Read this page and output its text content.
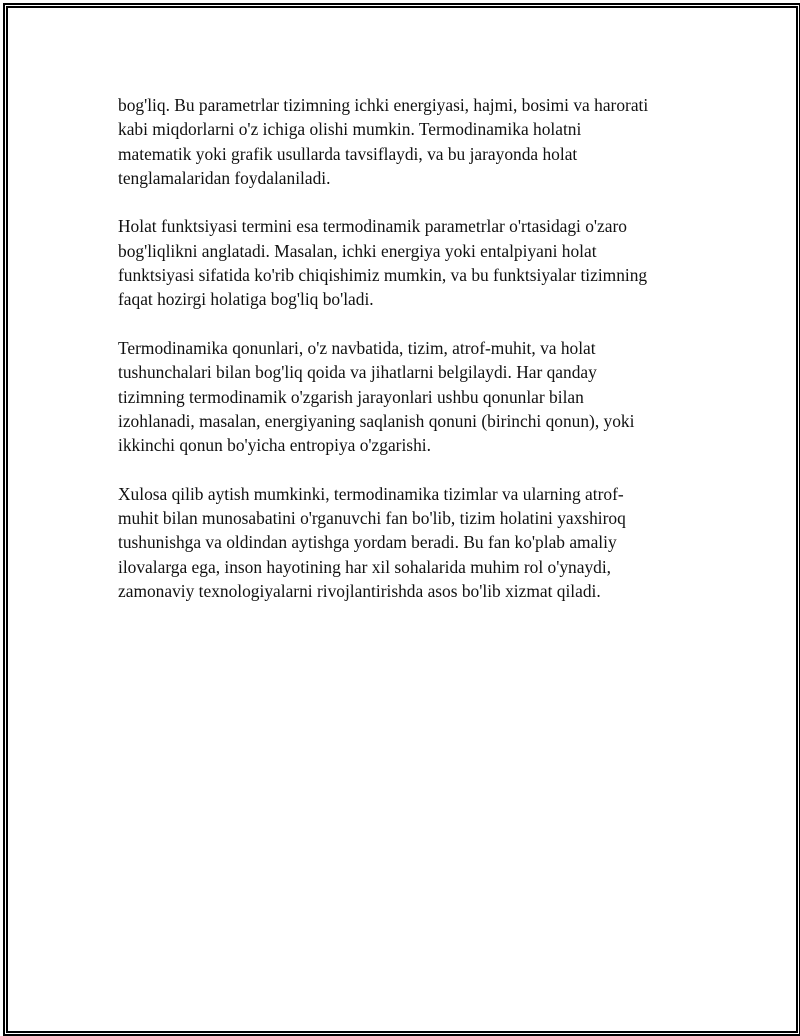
bog'liq. Bu parametrlar tizimning ichki energiyasi, hajmi, bosimi va harorati
kabi miqdorlarni o'z ichiga olishi mumkin. Termodinamika holatni
matematik yoki grafik usullarda tavsiflaydi, va bu jarayonda holat
tenglamalaridan foydalaniladi.

Holat funktsiyasi termini esa termodinamik parametrlar o'rtasidagi o'zaro
bog'liqlikni anglatadi. Masalan, ichki energiya yoki entalpiyani holat
funktsiyasi sifatida ko'rib chiqishimiz mumkin, va bu funktsiyalar tizimning
faqat hozirgi holatiga bog'liq bo'ladi.

Termodinamika qonunlari, o'z navbatida, tizim, atrof-muhit, va holat
tushunchalari bilan bog'liq qoida va jihatlarni belgilaydi. Har qanday
tizimning termodinamik o'zgarish jarayonlari ushbu qonunlar bilan
izohlanadi, masalan, energiyaning saqlanish qonuni (birinchi qonun), yoki
ikkinchi qonun bo'yicha entropiya o'zgarishi.

Xulosa qilib aytish mumkinki, termodinamika tizimlar va ularning atrof-
muhit bilan munosabatini o'rganuvchi fan bo'lib, tizim holatini yaxshiroq
tushunishga va oldindan aytishga yordam beradi. Bu fan ko'plab amaliy
ilovalarga ega, inson hayotining har xil sohalarida muhim rol o'ynaydi,
zamonaviy texnologiyalarni rivojlantirishda asos bo'lib xizmat qiladi.
